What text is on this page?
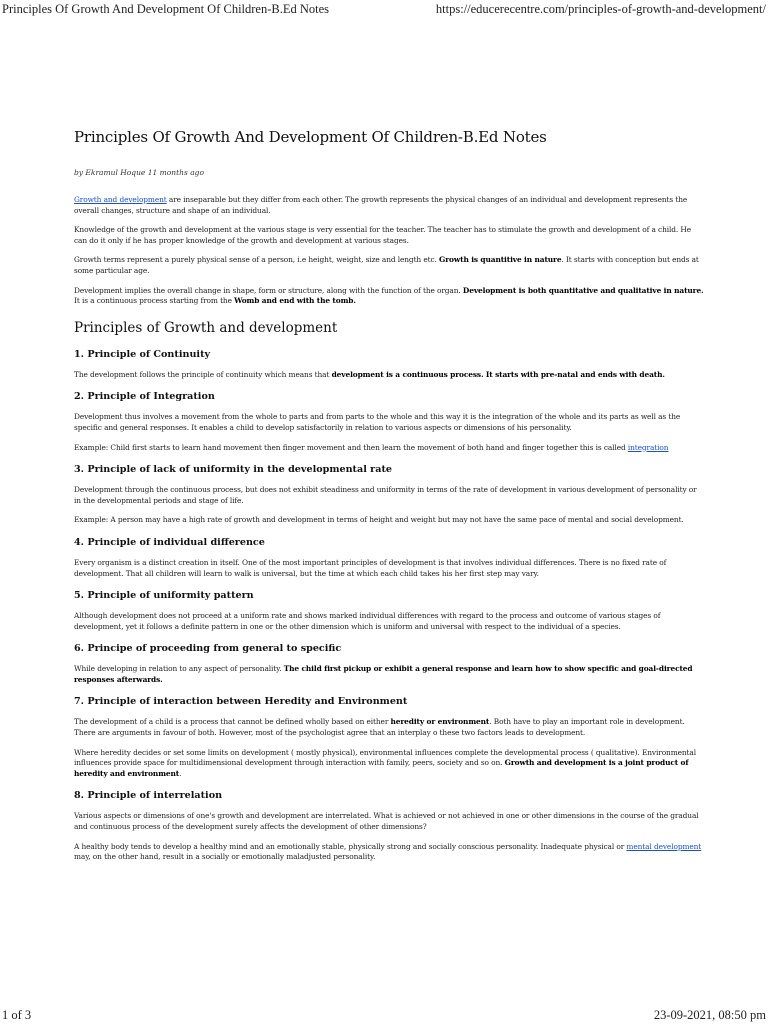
Principles Of Growth And Development Of Children-B.Ed Notes	https://educerecentre.com/principles-of-growth-and-development/
Principles Of Growth And Development Of Children-B.Ed Notes
by Ekramul Hoque 11 months ago

Growth and development are inseparable but they differ from each other. The growth represents the physical changes of an individual and development represents the overall changes, structure and shape of an individual.

Knowledge of the growth and development at the various stage is very essential for the teacher. The teacher has to stimulate the growth and development of a child. He can do it only if he has proper knowledge of the growth and development at various stages.

Growth terms represent a purely physical sense of a person, i.e height, weight, size and length etc. Growth is quantitive in nature. It starts with conception but ends at some particular age.

Development implies the overall change in shape, form or structure, along with the function of the organ. Development is both quantitative and qualitative in nature. It is a continuous process starting from the Womb and end with the tomb.

Principles of Growth and development
1. Principle of Continuity

The development follows the principle of continuity which means that development is a continuous process. It starts with pre-natal and ends with death.

2. Principle of Integration

Development thus involves a movement from the whole to parts and from parts to the whole and this way it is the integration of the whole and its parts as well as the specific and general responses. It enables a child to develop satisfactorily in relation to various aspects or dimensions of his personality.

Example: Child first starts to learn hand movement then finger movement and then learn the movement of both hand and finger together this is called integration

3. Principle of lack of uniformity in the developmental rate

Development through the continuous process, but does not exhibit steadiness and uniformity in terms of the rate of development in various development of personality or in the developmental periods and stage of life.

Example: A person may have a high rate of growth and development in terms of height and weight but may not have the same pace of mental and social development.

4. Principle of individual difference

Every organism is a distinct creation in itself. One of the most important principles of development is that involves individual differences. There is no fixed rate of development. That all children will learn to walk is universal, but the time at which each child takes his her first step may vary.

5. Principle of uniformity pattern

Although development does not proceed at a uniform rate and shows marked individual differences with regard to the process and outcome of various stages of development, yet it follows a definite pattern in one or the other dimension which is uniform and universal with respect to the individual of a species.

6. Principe of proceeding from general to specific

While developing in relation to any aspect of personality. The child first pickup or exhibit a general response and learn how to show specific and goal-directed responses afterwards.

7. Principle of interaction between Heredity and Environment

The development of a child is a process that cannot be defined wholly based on either heredity or environment. Both have to play an important role in development. There are arguments in favour of both. However, most of the psychologist agree that an interplay o these two factors leads to development.

Where heredity decides or set some limits on development ( mostly physical), environmental influences complete the developmental process ( qualitative). Environmental influences provide space for multidimensional development through interaction with family, peers, society and so on. Growth and development is a joint product of heredity and environment.

8. Principle of interrelation

Various aspects or dimensions of one's growth and development are interrelated. What is achieved or not achieved in one or other dimensions in the course of the gradual and continuous process of the development surely affects the development of other dimensions?

A healthy body tends to develop a healthy mind and an emotionally stable, physically strong and socially conscious personality. Inadequate physical or mental development may, on the other hand, result in a socially or emotionally maladjusted personality.

1 of 3	23-09-2021, 08:50 pm
